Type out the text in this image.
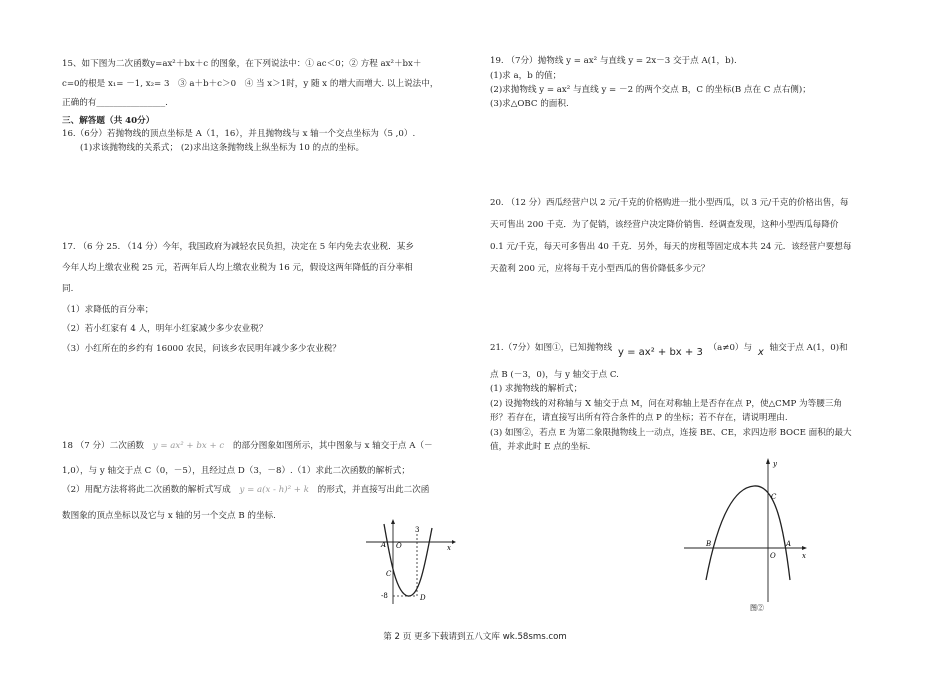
15、如下图为二次函数y=ax²＋bx＋c 的图象，在下列说法中：① ac＜0；② 方程 ax²＋bx＋
c=0的根是 x₁= －1, x₂= 3　③ a＋b＋c＞0　④ 当 x＞1时，y 随 x 的增大而增大. 以上说法中，
正确的有________________.
三、解答题（共 40分）
16.（6分）若抛物线的顶点坐标是 A（1，16），并且抛物线与 x 轴一个交点坐标为（5 ,0）.
(1)求该抛物线的关系式； (2)求出这条抛物线上纵坐标为 10 的点的坐标。
17. （6 分 25. （14 分）今年，我国政府为减轻农民负担，决定在 5 年内免去农业税．某乡
今年人均上缴农业税 25 元，若两年后人均上缴农业税为 16 元，假设这两年降低的百分率相
同.
（1）求降低的百分率；
（2）若小红家有 4 人，明年小红家减少多少农业税？
（3）小红所在的乡约有 16000 农民，问该乡农民明年减少多少农业税？
18 （7 分）二次函数 y = ax² + bx + c 的部分图象如图所示，其中图象与 x 轴交于点 A（－
1,0），与 y 轴交于点 C（0，－5），且经过点 D（3，－8）.（1）求此二次函数的解析式；
（2）用配方法将将此二次函数的解析式写成 y = a(x - h)² + k 的形式，并直接写出此二次函
数图象的顶点坐标以及它与 x 轴的另一个交点 B 的坐标.
A O
3
x
C
-8	D
19. （7分）抛物线 y = ax² 与直线 y = 2x－3 交于点 A(1，b).
(1)求 a，b 的值；
(2)求抛物线 y = ax² 与直线 y = －2 的两个交点 B，C 的坐标(B 点在 C 点右侧)；
(3)求△OBC 的面积.
20. （12 分）西瓜经营户以 2 元/千克的价格购进一批小型西瓜，以 3 元/千克的价格出售，每
天可售出 200 千克．为了促销，该经营户决定降价销售．经调查发现，这种小型西瓜每降价
0.1 元/千克，每天可多售出 40 千克．另外，每天的房租等固定成本共 24 元．该经营户要想每
天盈利 200 元，应将每千克小型西瓜的售价降低多少元？
21.（7分）如图①，已知抛物线 y = ax² + bx + 3 （a≠0）与 x 轴交于点 A(1，0)和
点 B (－3，0)，与 y 轴交于点 C.
(1) 求抛物线的解析式；
(2) 设抛物线的对称轴与 X 轴交于点 M，问在对称轴上是否存在点 P，使△CMP 为等腰三角
形？若存在，请直接写出所有符合条件的点 P 的坐标；若不存在，请说明理由.
(3) 如图②，若点 E 为第二象限抛物线上一动点，连接 BE、CE，求四边形 BOCE 面积的最大
值，并求此时 E 点的坐标.
y
C
B	A
O	x
图②
第 2 页 更多下载请到五八文库 wk.58sms.com
